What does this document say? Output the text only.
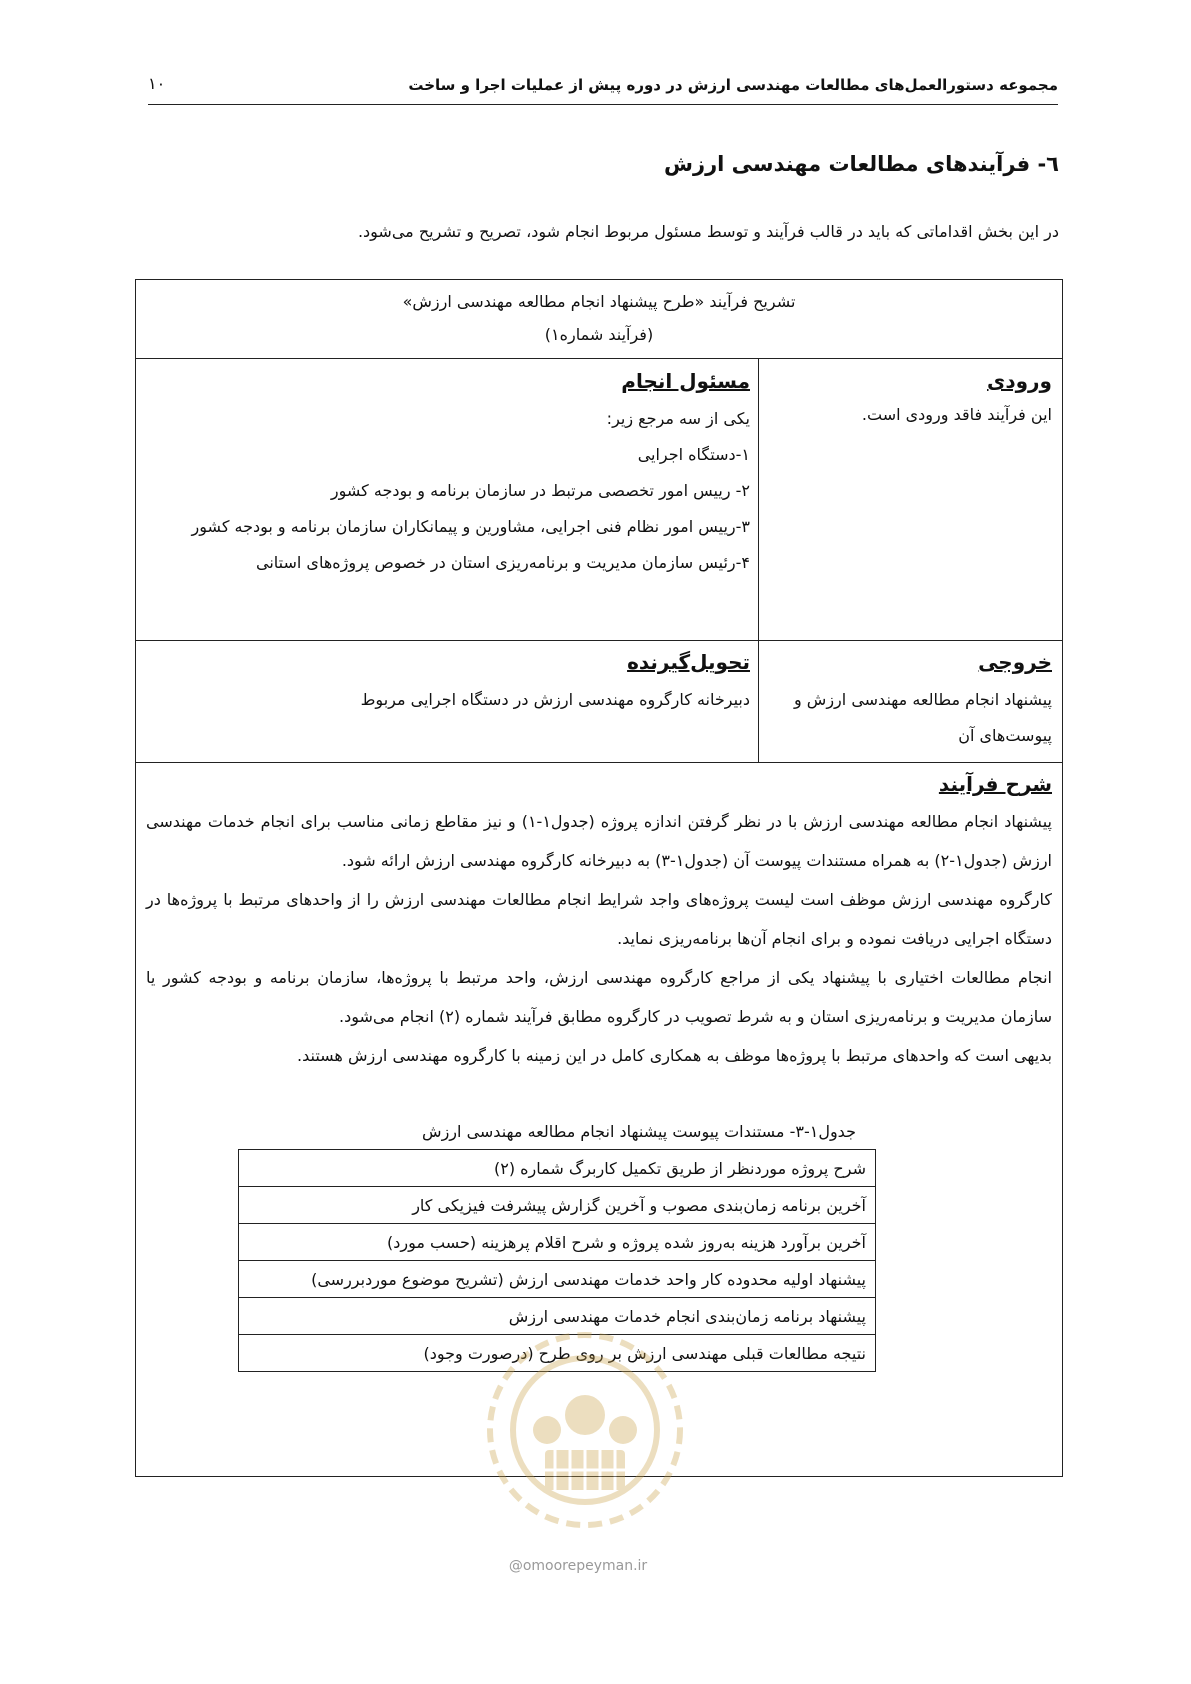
مجموعه دستورالعمل‌های مطالعات مهندسی ارزش در دوره پیش از عملیات اجرا و ساخت
۱۰
٦- فرآیندهای مطالعات مهندسی ارزش
در این بخش اقداماتی که باید در قالب فرآیند و توسط مسئول مربوط انجام شود، تصریح و تشریح می‌شود.
تشریح فرآیند «طرح پیشنهاد انجام مطالعه مهندسی ارزش»
(فرآیند شماره۱)
ورودی
این فرآیند فاقد ورودی است.
مسئول انجام
یکی از سه مرجع زیر:
۱-دستگاه اجرایی
۲- رییس امور تخصصی مرتبط در سازمان برنامه و بودجه کشور
۳-رییس امور نظام فنی اجرایی، مشاورین و پیمانکاران سازمان برنامه و بودجه کشور
۴-رئیس سازمان مدیریت و برنامه‌ریزی استان در خصوص پروژه‌های استانی
خروجی
پیشنهاد انجام مطالعه مهندسی ارزش و پیوست‌های آن
تحویل‌گیرنده
دبیرخانه کارگروه مهندسی ارزش در دستگاه اجرایی مربوط
شرح فرآیند
پیشنهاد انجام مطالعه مهندسی ارزش با در نظر گرفتن اندازه پروژه (جدول۱-۱) و نیز مقاطع زمانی مناسب برای انجام خدمات مهندسی ارزش (جدول۱-۲) به همراه مستندات پیوست آن (جدول۱-۳) به دبیرخانه کارگروه مهندسی ارزش ارائه شود.
کارگروه مهندسی ارزش موظف است لیست پروژه‌های واجد شرایط انجام مطالعات مهندسی ارزش را از واحدهای مرتبط با پروژه‌ها در دستگاه اجرایی دریافت نموده و برای انجام آن‌ها برنامه‌ریزی نماید.
انجام مطالعات اختیاری با پیشنهاد یکی از مراجع کارگروه مهندسی ارزش، واحد مرتبط با پروژه‌ها، سازمان برنامه و بودجه کشور یا سازمان مدیریت و برنامه‌ریزی استان و به شرط تصویب در کارگروه مطابق فرآیند شماره (۲) انجام می‌شود.
بدیهی است که واحدهای مرتبط با پروژه‌ها موظف به همکاری کامل در این زمینه با کارگروه مهندسی ارزش هستند.
جدول۱-۳- مستندات پیوست پیشنهاد انجام مطالعه مهندسی ارزش
شرح پروژه موردنظر از طریق تکمیل کاربرگ شماره (۲)
آخرین برنامه زمان‌بندی مصوب و آخرین گزارش پیشرفت فیزیکی کار
آخرین برآورد هزینه به‌روز شده پروژه و شرح اقلام پرهزینه (حسب مورد)
پیشنهاد اولیه محدوده کار واحد خدمات مهندسی ارزش (تشریح موضوع موردبررسی)
پیشنهاد برنامه زمان‌بندی انجام خدمات مهندسی ارزش
نتیجه مطالعات قبلی مهندسی ارزش بر روی طرح (درصورت وجود)
@omoorepeyman.ir
